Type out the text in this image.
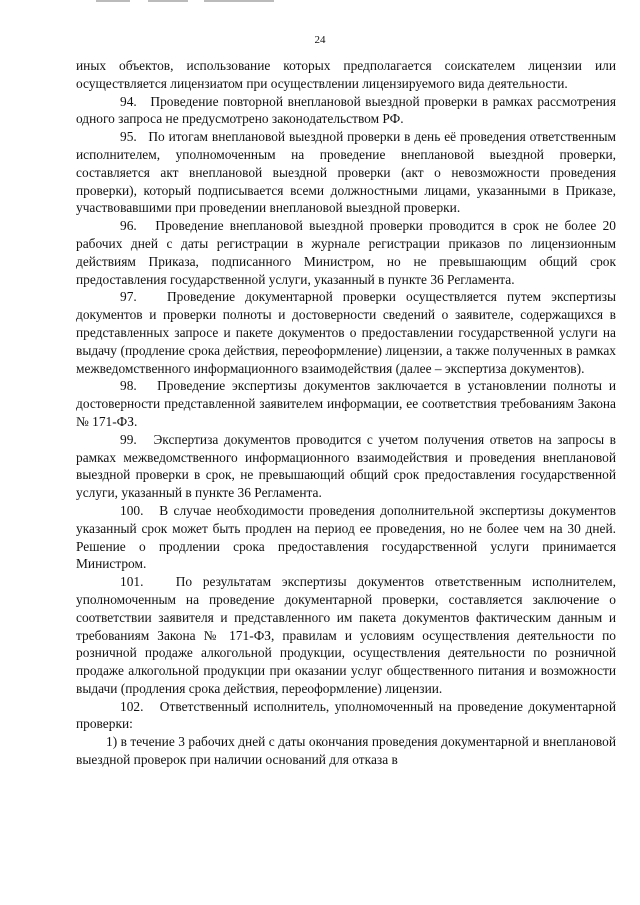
24

иных объектов, использование которых предполагается соискателем лицензии или осуществляется лицензиатом при осуществлении лицензируемого вида деятельности.

94.   Проведение повторной внеплановой выездной проверки в рамках рассмотрения одного запроса не предусмотрено законодательством РФ.

95.   По итогам внеплановой выездной проверки в день её проведения ответственным исполнителем, уполномоченным на проведение внеплановой выездной проверки, составляется акт внеплановой выездной проверки (акт о невозможности проведения проверки), который подписывается всеми должностными лицами, указанными в Приказе, участвовавшими при проведении внеплановой выездной проверки.

96.   Проведение внеплановой выездной проверки проводится в срок не более 20 рабочих дней с даты регистрации в журнале регистрации приказов по лицензионным действиям Приказа, подписанного Министром, но не превышающим общий срок предоставления государственной услуги, указанный в пункте 36 Регламента.

97.   Проведение документарной проверки осуществляется путем экспертизы документов и проверки полноты и достоверности сведений о заявителе, содержащихся в представленных запросе и пакете документов о предоставлении государственной услуги на выдачу (продление срока действия, переоформление) лицензии, а также полученных в рамках межведомственного информационного взаимодействия (далее – экспертиза документов).

98.   Проведение экспертизы документов заключается в установлении полноты и достоверности представленной заявителем информации, ее соответствия требованиям Закона № 171-ФЗ.

99.   Экспертиза документов проводится с учетом получения ответов на запросы в рамках межведомственного информационного взаимодействия и проведения внеплановой выездной проверки в срок, не превышающий общий срок предоставления государственной услуги, указанный в пункте 36 Регламента.

100.   В случае необходимости проведения дополнительной экспертизы документов указанный срок может быть продлен на период ее проведения, но не более чем на 30 дней. Решение о продлении срока предоставления государственной услуги принимается Министром.

101.   По результатам экспертизы документов ответственным исполнителем, уполномоченным на проведение документарной проверки, составляется заключение о соответствии заявителя и представленного им пакета документов фактическим данным и требованиям Закона № 171-ФЗ, правилам и условиям осуществления деятельности по розничной продаже алкогольной продукции, осуществления деятельности по розничной продаже алкогольной продукции при оказании услуг общественного питания и возможности выдачи (продления срока действия, переоформление) лицензии.

102.   Ответственный исполнитель, уполномоченный на проведение документарной проверки:

1) в течение 3 рабочих дней с даты окончания проведения документарной и внеплановой выездной проверок при наличии оснований для отказа в
